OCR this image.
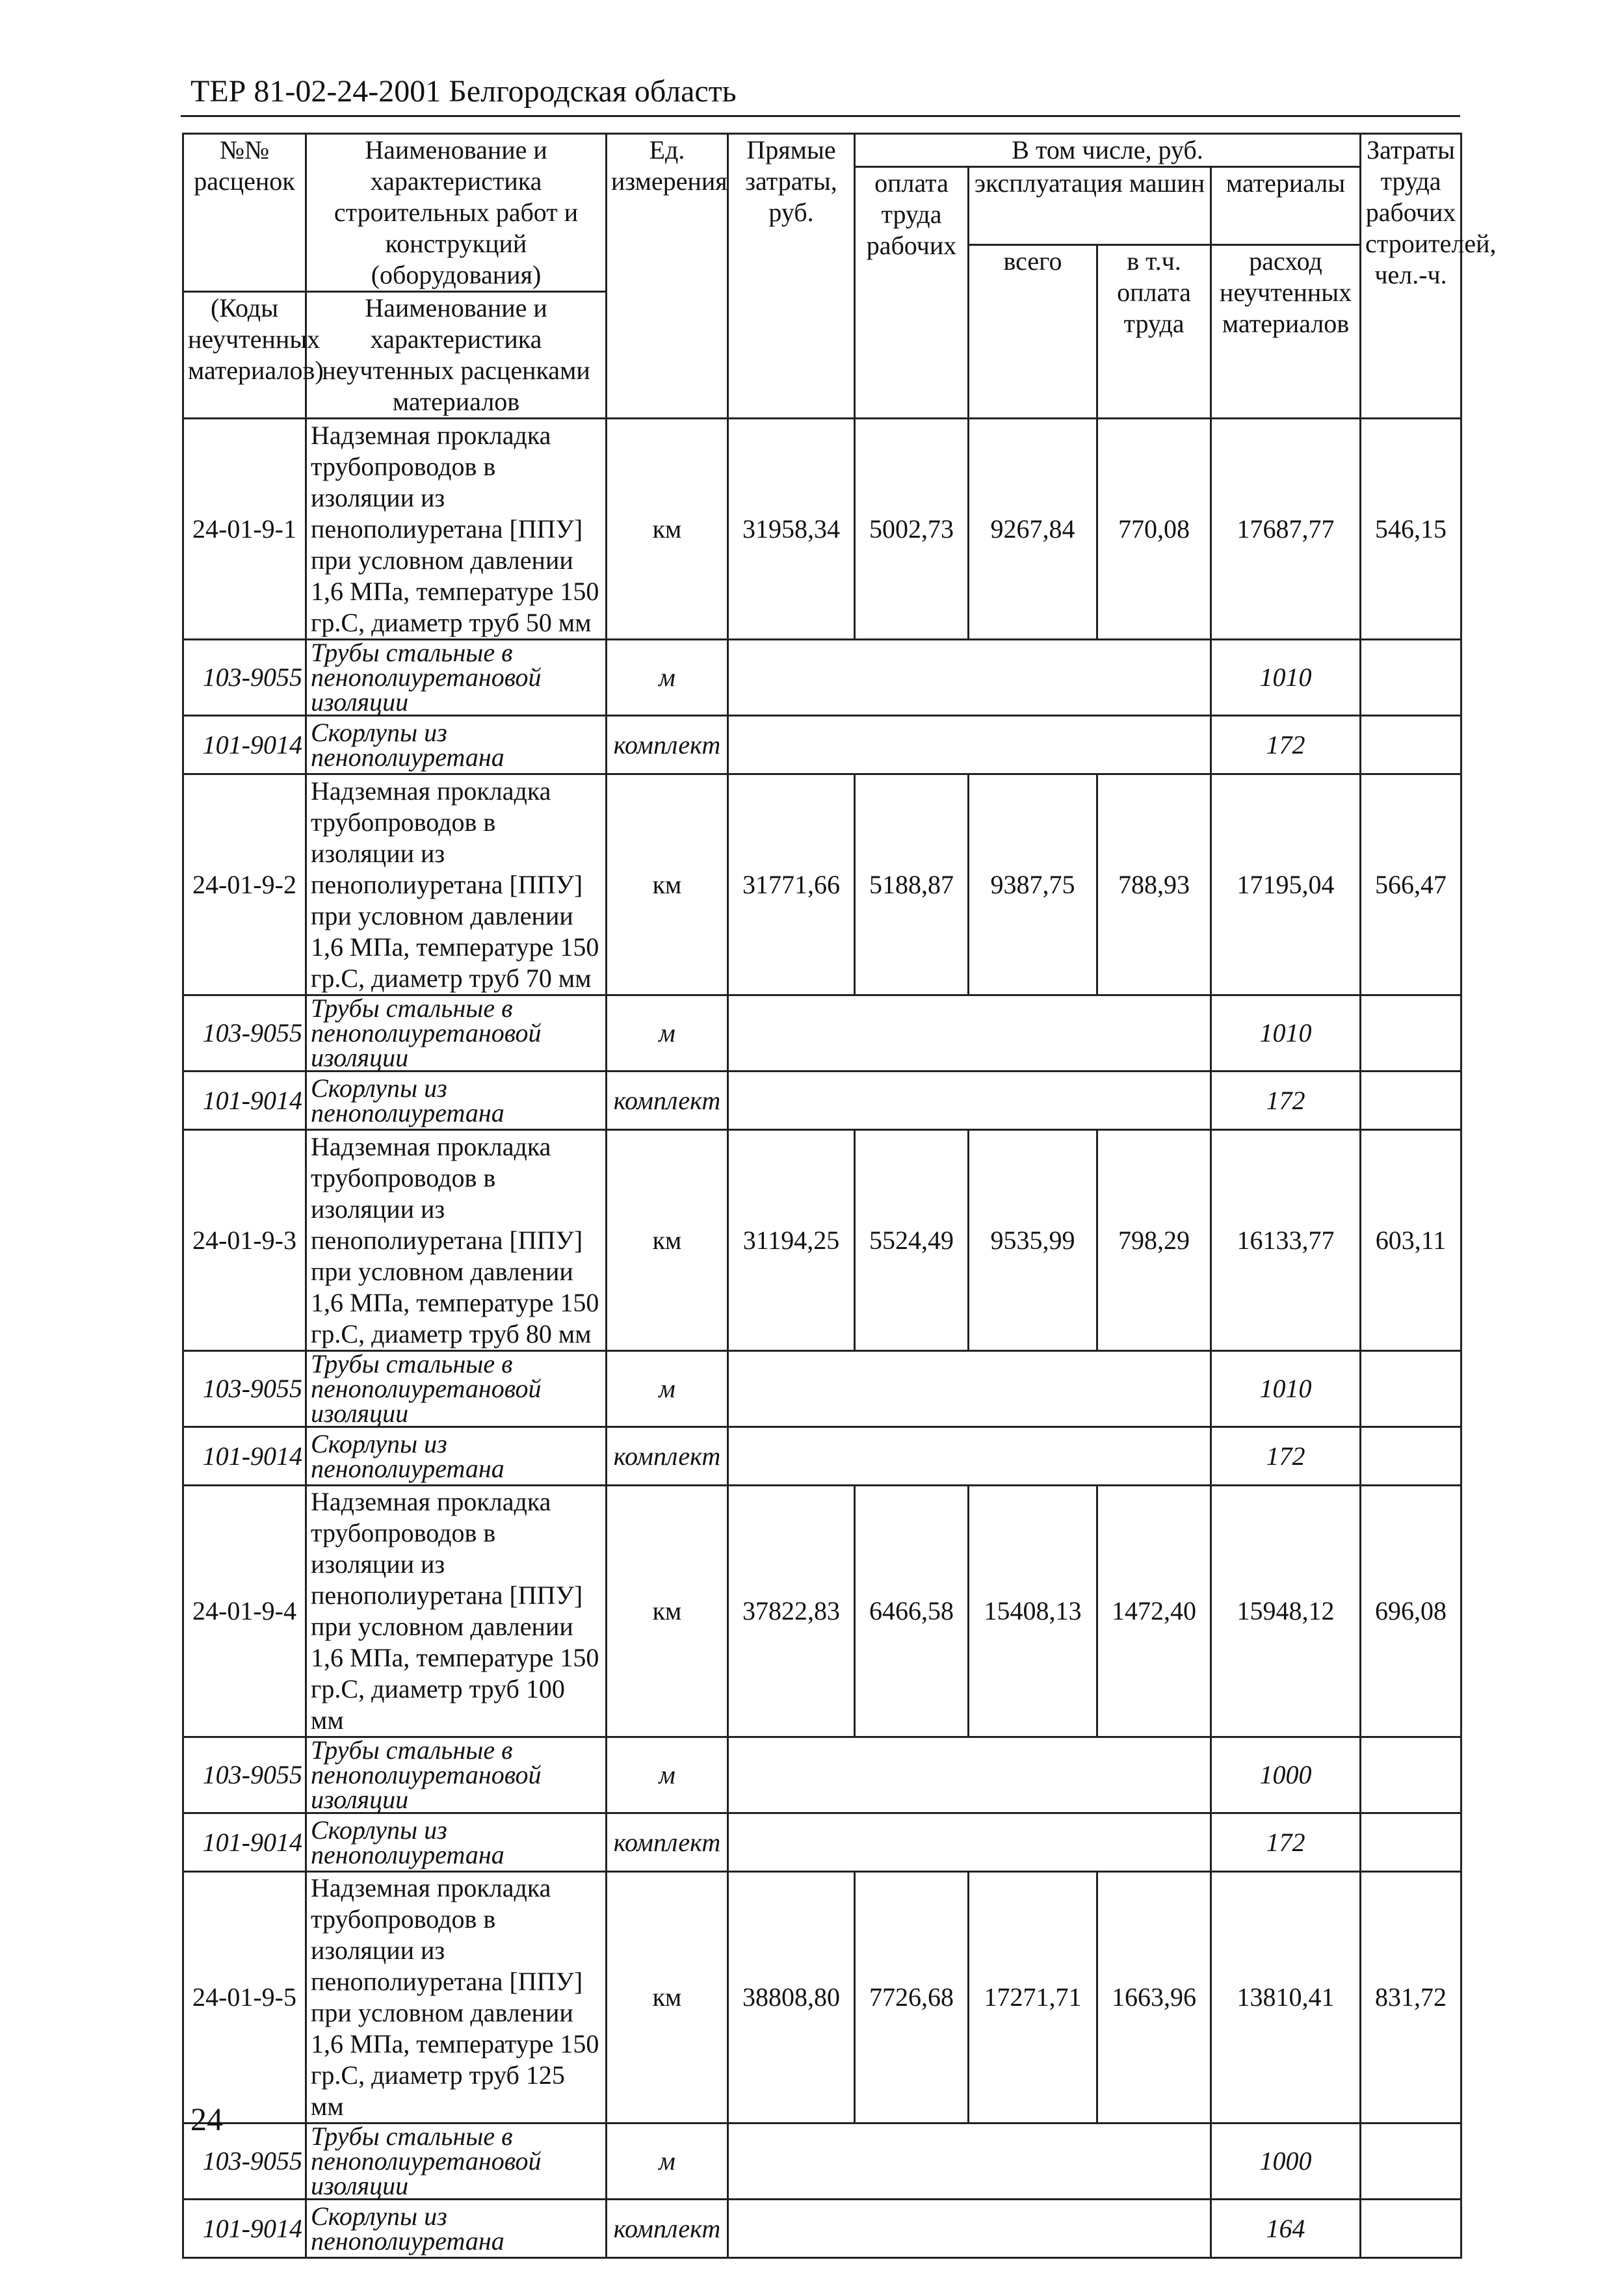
ТЕР 81-02-24-2001 Белгородская область
№№ расценок	Наименование и характеристика строительных работ и конструкций (оборудования)	Ед. измерения	Прямые затраты, руб.	В том числе, руб.				Затраты труда рабочих строителей, чел.-ч.
				оплата труда рабочих	эксплуатация машин		материалы	
					всего	в т.ч. оплата труда	расход неучтенных материалов	
(Коды неучтенных материалов)	Наименование и характеристика неучтенных расценками материалов							

24-01-9-1	Надземная прокладка трубопроводов в изоляции из пенополиуретана [ППУ] при условном давлении 1,6 МПа, температуре 150 гр.С, диаметр труб 50 мм	км	31958,34	5002,73	9267,84	770,08	17687,77	546,15
103-9055	Трубы стальные в пенополиуретановой изоляции	м					1010	
101-9014	Скорлупы из пенополиуретана	комплект					172	
24-01-9-2	Надземная прокладка трубопроводов в изоляции из пенополиуретана [ППУ] при условном давлении 1,6 МПа, температуре 150 гр.С, диаметр труб 70 мм	км	31771,66	5188,87	9387,75	788,93	17195,04	566,47
103-9055	Трубы стальные в пенополиуретановой изоляции	м					1010	
101-9014	Скорлупы из пенополиуретана	комплект					172	
24-01-9-3	Надземная прокладка трубопроводов в изоляции из пенополиуретана [ППУ] при условном давлении 1,6 МПа, температуре 150 гр.С, диаметр труб 80 мм	км	31194,25	5524,49	9535,99	798,29	16133,77	603,11
103-9055	Трубы стальные в пенополиуретановой изоляции	м					1010	
101-9014	Скорлупы из пенополиуретана	комплект					172	
24-01-9-4	Надземная прокладка трубопроводов в изоляции из пенополиуретана [ППУ] при условном давлении 1,6 МПа, температуре 150 гр.С, диаметр труб 100 мм	км	37822,83	6466,58	15408,13	1472,40	15948,12	696,08
103-9055	Трубы стальные в пенополиуретановой изоляции	м					1000	
101-9014	Скорлупы из пенополиуретана	комплект					172	
24-01-9-5	Надземная прокладка трубопроводов в изоляции из пенополиуретана [ППУ] при условном давлении 1,6 МПа, температуре 150 гр.С, диаметр труб 125 мм	км	38808,80	7726,68	17271,71	1663,96	13810,41	831,72
103-9055	Трубы стальные в пенополиуретановой изоляции	м					1000	
101-9014	Скорлупы из пенополиуретана	комплект					164	
24
